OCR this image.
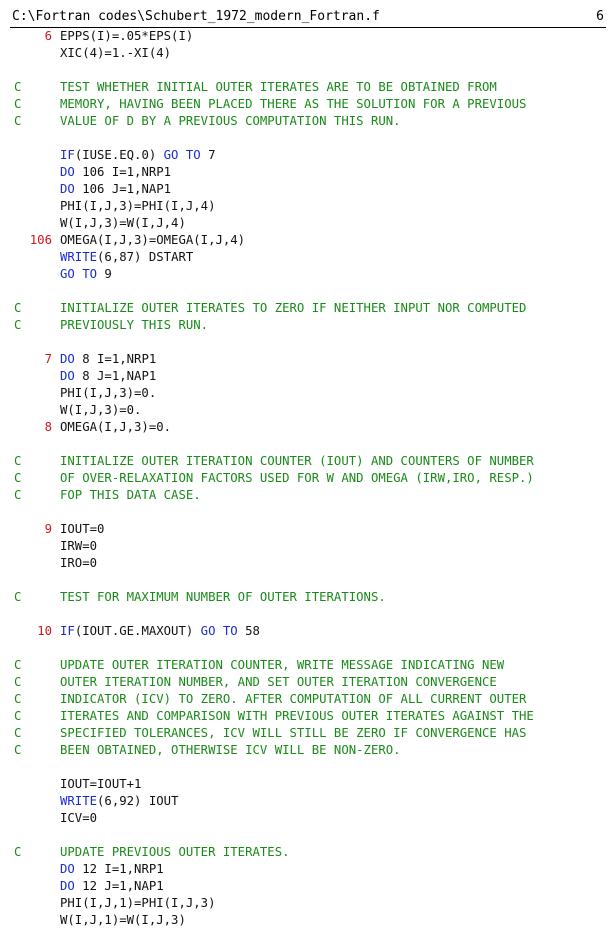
C:\Fortran codes\Schubert_1972_modern_Fortran.f	6
6 EPPS(I)=.05*EPS(I)
XIC(4)=1.-XI(4)
C	TEST WHETHER INITIAL OUTER ITERATES ARE TO BE OBTAINED FROM
C	MEMORY, HAVING BEEN PLACED THERE AS THE SOLUTION FOR A PREVIOUS
C	VALUE OF D BY A PREVIOUS COMPUTATION THIS RUN.
IF(IUSE.EQ.0) GO TO 7
DO 106 I=1,NRP1
DO 106 J=1,NAP1
PHI(I,J,3)=PHI(I,J,4)
W(I,J,3)=W(I,J,4)
106 OMEGA(I,J,3)=OMEGA(I,J,4)
WRITE(6,87) DSTART
GO TO 9
C	INITIALIZE OUTER ITERATES TO ZERO IF NEITHER INPUT NOR COMPUTED
C	PREVIOUSLY THIS RUN.
7 DO 8 I=1,NRP1
DO 8 J=1,NAP1
PHI(I,J,3)=0.
W(I,J,3)=0.
8 OMEGA(I,J,3)=0.
C	INITIALIZE OUTER ITERATION COUNTER (IOUT) AND COUNTERS OF NUMBER
C	OF OVER-RELAXATION FACTORS USED FOR W AND OMEGA (IRW,IRO, RESP.)
C	FOP THIS DATA CASE.
9 IOUT=0
IRW=0
IRO=0
C	TEST FOR MAXIMUM NUMBER OF OUTER ITERATIONS.
10 IF(IOUT.GE.MAXOUT) GO TO 58
C	UPDATE OUTER ITERATION COUNTER, WRITE MESSAGE INDICATING NEW
C	OUTER ITERATION NUMBER, AND SET OUTER ITERATION CONVERGENCE
C	INDICATOR (ICV) TO ZERO. AFTER COMPUTATION OF ALL CURRENT OUTER
C	ITERATES AND COMPARISON WITH PREVIOUS OUTER ITERATES AGAINST THE
C	SPECIFIED TOLERANCES, ICV WILL STILL BE ZERO IF CONVERGENCE HAS
C	BEEN OBTAINED, OTHERWISE ICV WILL BE NON-ZERO.
IOUT=IOUT+1
WRITE(6,92) IOUT
ICV=0
C	UPDATE PREVIOUS OUTER ITERATES.
DO 12 I=1,NRP1
DO 12 J=1,NAP1
PHI(I,J,1)=PHI(I,J,3)
W(I,J,1)=W(I,J,3)
